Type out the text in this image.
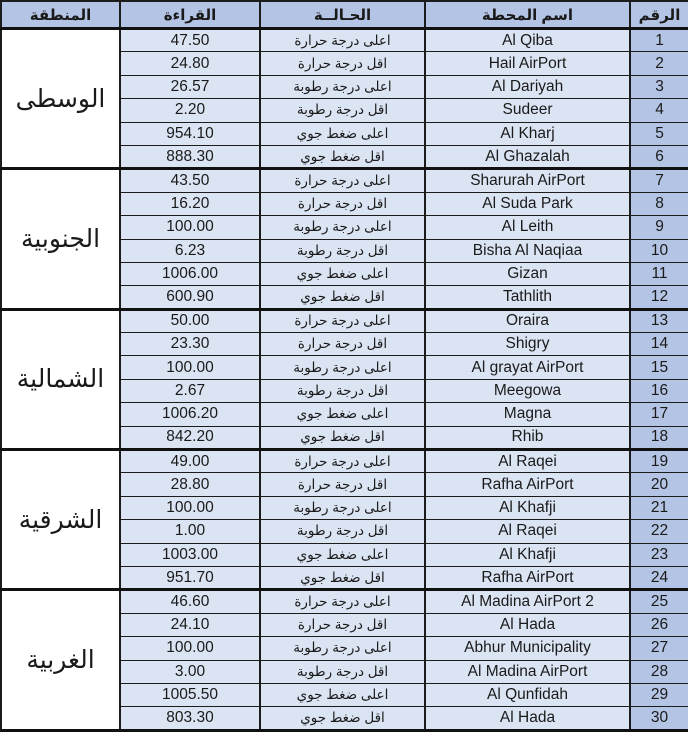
المنطقة	القراءة	الحـالــة	اسم المحطة	الرقم
الوسطى	47.50	اعلى درجة حرارة	Al Qiba	1
	24.80	اقل درجة حرارة	Hail AirPort	2
	26.57	اعلى درجة رطوبة	Al Dariyah	3
	2.20	اقل درجة رطوبة	Sudeer	4
	954.10	اعلى ضغط جوي	Al Kharj	5
	888.30	اقل ضغط جوي	Al Ghazalah	6
الجنوبية	43.50	اعلى درجة حرارة	Sharurah AirPort	7
	16.20	اقل درجة حرارة	Al Suda Park	8
	100.00	اعلى درجة رطوبة	Al Leith	9
	6.23	اقل درجة رطوبة	Bisha Al Naqiaa	10
	1006.00	اعلى ضغط جوي	Gizan	11
	600.90	اقل ضغط جوي	Tathlith	12
الشمالية	50.00	اعلى درجة حرارة	Oraira	13
	23.30	اقل درجة حرارة	Shigry	14
	100.00	اعلى درجة رطوبة	Al grayat AirPort	15
	2.67	اقل درجة رطوبة	Meegowa	16
	1006.20	اعلى ضغط جوي	Magna	17
	842.20	اقل ضغط جوي	Rhib	18
الشرقية	49.00	اعلى درجة حرارة	Al Raqei	19
	28.80	اقل درجة حرارة	Rafha AirPort	20
	100.00	اعلى درجة رطوبة	Al Khafji	21
	1.00	اقل درجة رطوبة	Al Raqei	22
	1003.00	اعلى ضغط جوي	Al Khafji	23
	951.70	اقل ضغط جوي	Rafha AirPort	24
الغربية	46.60	اعلى درجة حرارة	Al Madina AirPort 2	25
	24.10	اقل درجة حرارة	Al Hada	26
	100.00	اعلى درجة رطوبة	Abhur Municipality	27
	3.00	اقل درجة رطوبة	Al Madina AirPort	28
	1005.50	اعلى ضغط جوي	Al Qunfidah	29
	803.30	اقل ضغط جوي	Al Hada	30
